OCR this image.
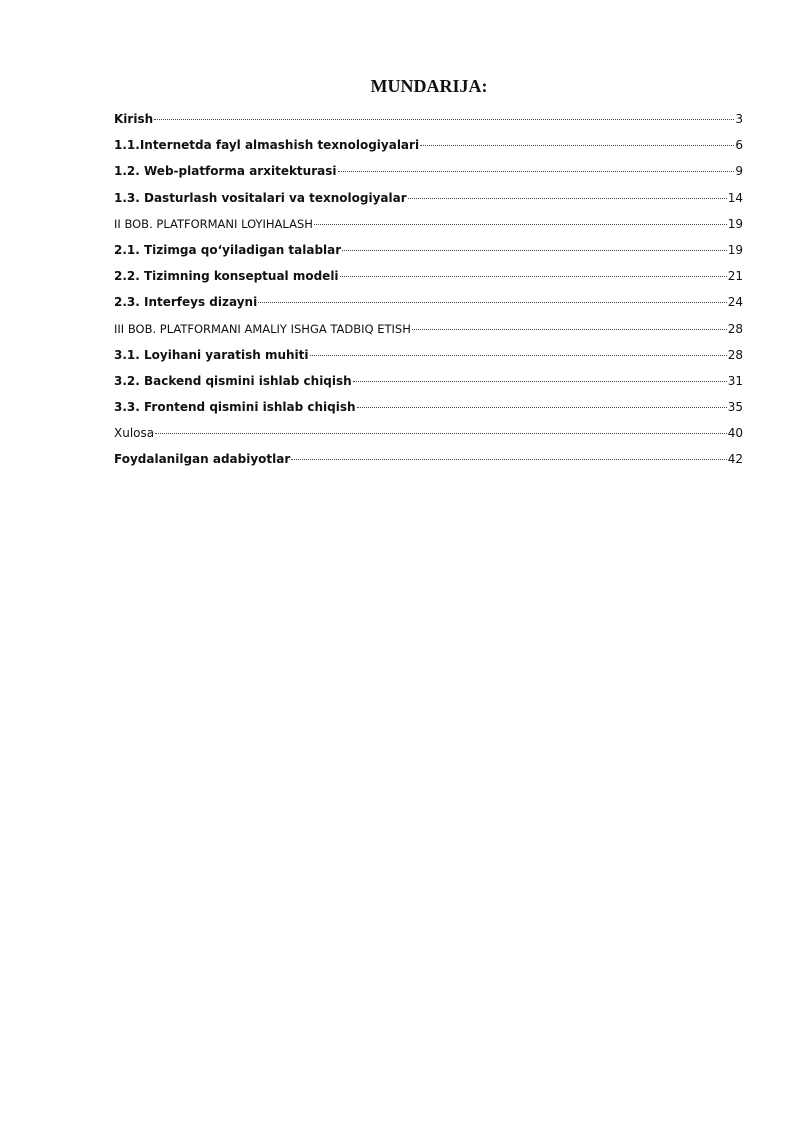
MUNDARIJA:
Kirish	3
1.1.Internetda fayl almashish texnologiyalari	6
1.2. Web-platforma arxitekturasi	9
1.3. Dasturlash vositalari va texnologiyalar	14
II BOB. PLATFORMANI LOYIHALASH	19
2.1. Tizimga qo‘yiladigan talablar	19
2.2. Tizimning konseptual modeli	21
2.3. Interfeys dizayni	24
III BOB. PLATFORMANI AMALIY ISHGA TADBIQ ETISH	28
3.1. Loyihani yaratish muhiti	28
3.2. Backend qismini ishlab chiqish	31
3.3. Frontend qismini ishlab chiqish	35
Xulosa	40
Foydalanilgan adabiyotlar	42
